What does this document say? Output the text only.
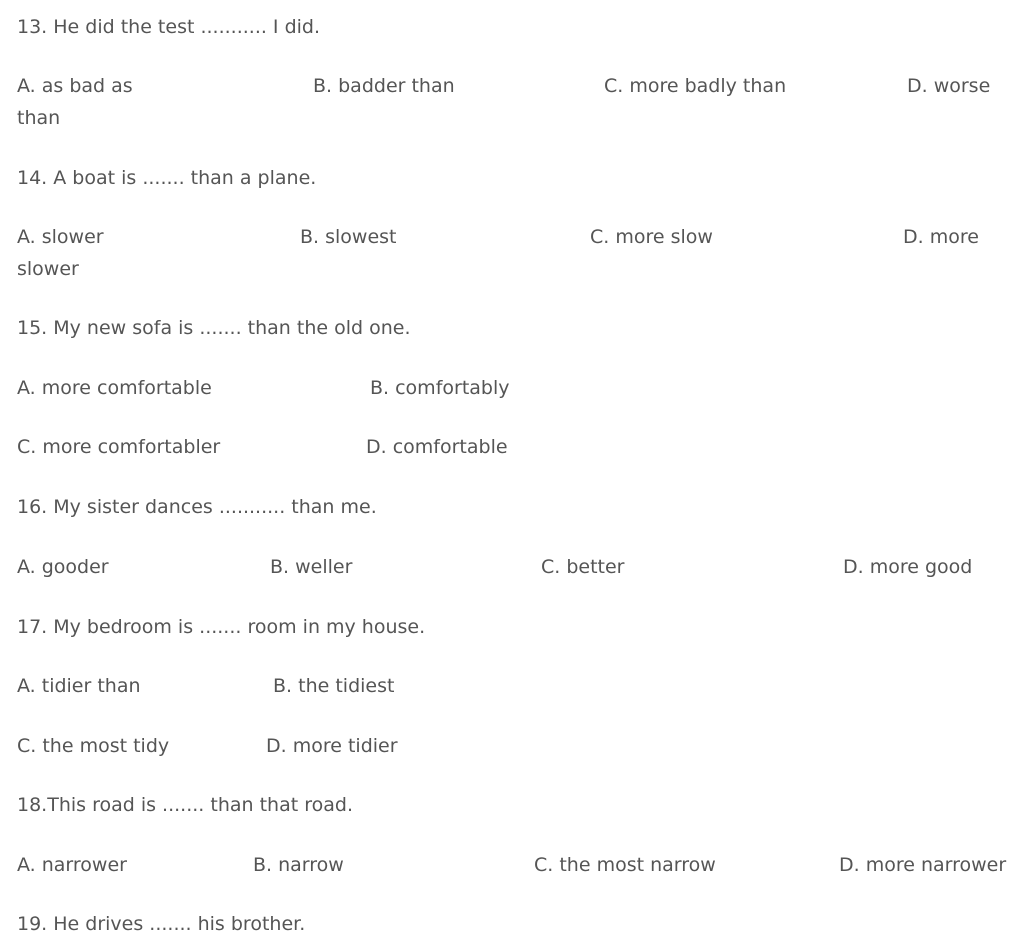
13. He did the test ........... I did.
A. as bad as	B. badder than	C. more badly than	D. worse
than
14. A boat is ....... than a plane.
A. slower	B. slowest	C. more slow	D. more
slower
15. My new sofa is ....... than the old one.
A. more comfortable	B. comfortably
C. more comfortabler	D. comfortable
16. My sister dances ........... than me.
A. gooder	B. weller	C. better	D. more good
17. My bedroom is ....... room in my house.
A. tidier than	B. the tidiest
C. the most tidy	D. more tidier
18.This road is ....... than that road.
A. narrower	B. narrow	C. the most narrow	D. more narrower
19. He drives ....... his brother.
